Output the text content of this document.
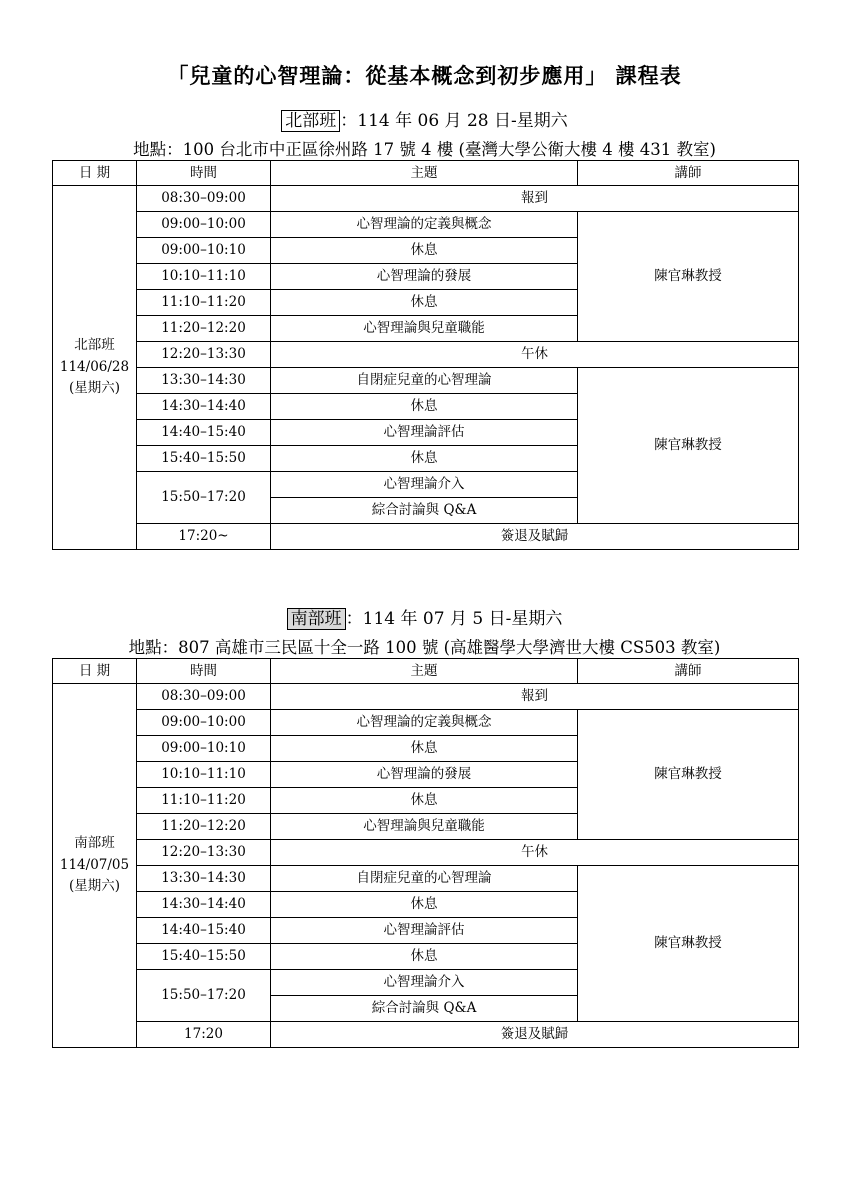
「兒童的心智理論：從基本概念到初步應用」 課程表
北部班 ：114 年 06 月 28 日-星期六
地點：100 台北市中正區徐州路 17 號 4 樓 (臺灣大學公衛大樓 4 樓 431 教室)
日 期	時間	主題	講師

北部班
114/06/28
(星期六)	08:30–09:00	報到	
	09:00–10:00	心智理論的定義與概念	陳官琳教授
	09:00–10:10	休息	
	10:10–11:10	心智理論的發展	
	11:10–11:20	休息	
	11:20–12:20	心智理論與兒童職能	
	12:20–13:30	午休	
	13:30–14:30	自閉症兒童的心智理論	陳官琳教授
	14:30–14:40	休息	
	14:40–15:40	心智理論評估	
	15:40–15:50	休息	
	15:50–17:20	心智理論介入	
		綜合討論與 Q&A	
	17:20~	簽退及賦歸	
南部班 ：114 年 07 月 5 日-星期六
地點：807 高雄市三民區十全一路 100 號 (高雄醫學大學濟世大樓 CS503 教室)
日 期	時間	主題	講師

南部班
114/07/05
(星期六)	08:30–09:00	報到	
	09:00–10:00	心智理論的定義與概念	陳官琳教授
	09:00–10:10	休息	
	10:10–11:10	心智理論的發展	
	11:10–11:20	休息	
	11:20–12:20	心智理論與兒童職能	
	12:20–13:30	午休	
	13:30–14:30	自閉症兒童的心智理論	陳官琳教授
	14:30–14:40	休息	
	14:40–15:40	心智理論評估	
	15:40–15:50	休息	
	15:50–17:20	心智理論介入	
		綜合討論與 Q&A	
	17:20	簽退及賦歸	
